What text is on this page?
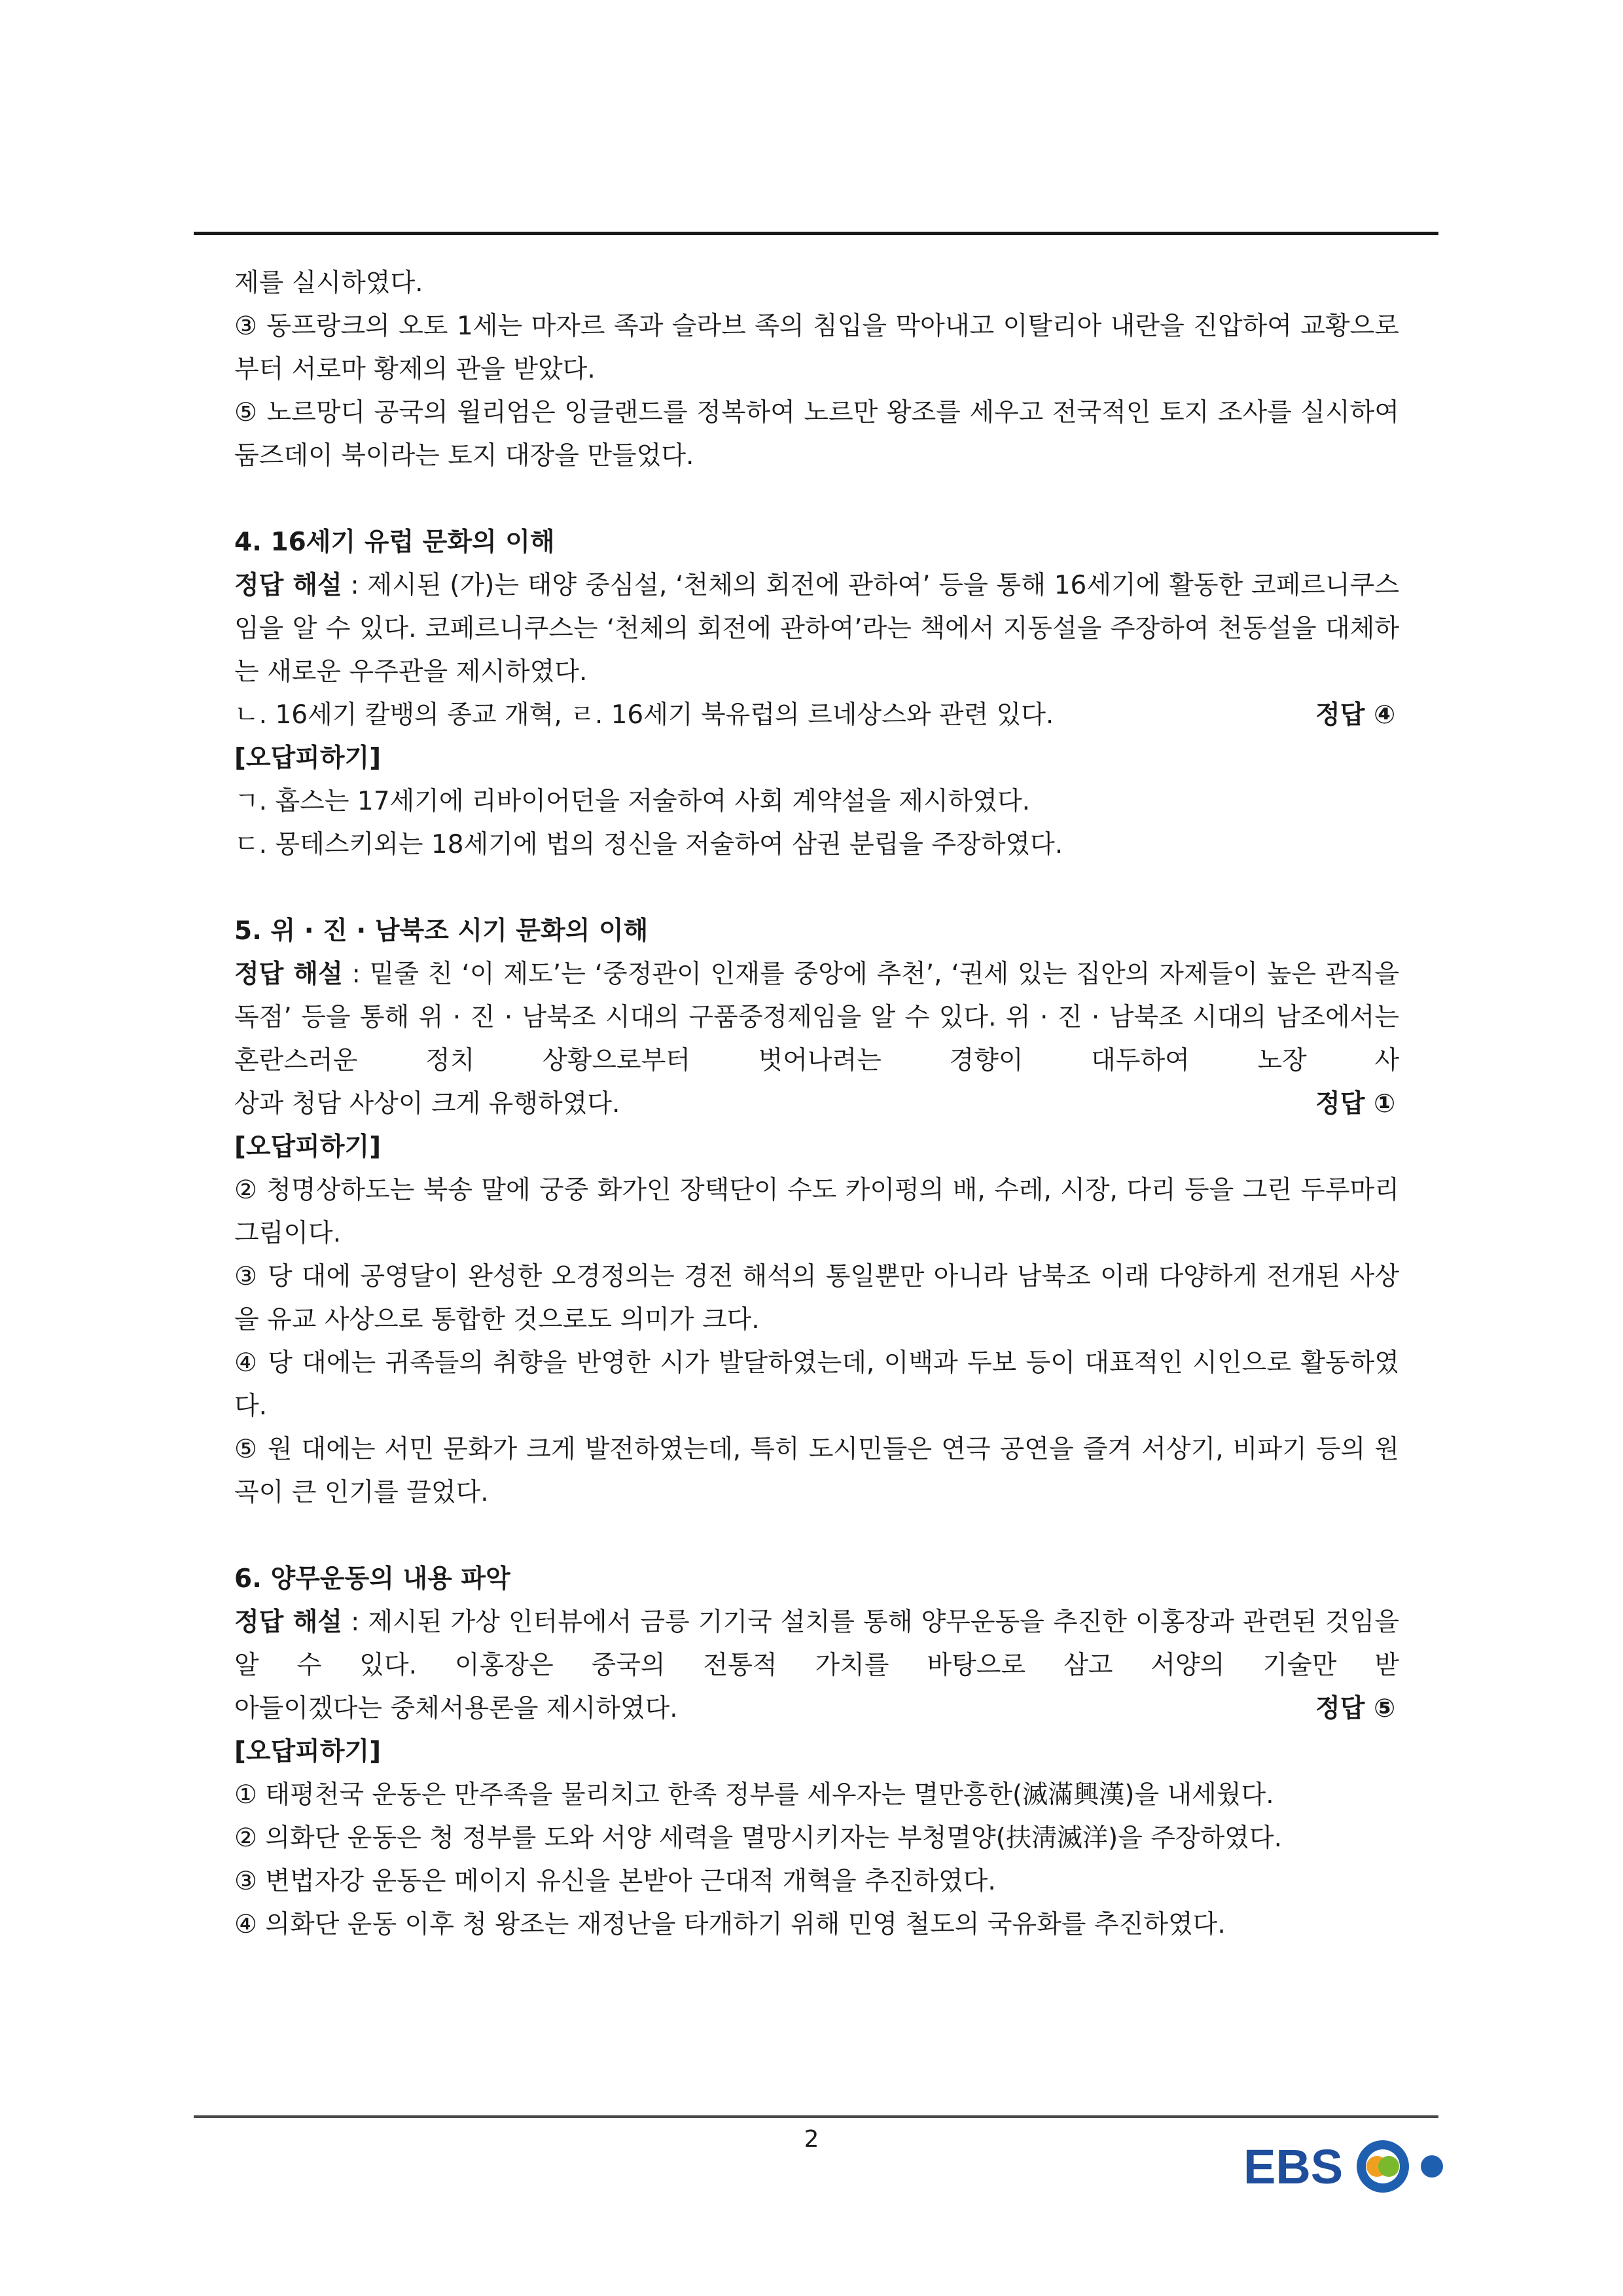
제를 실시하였다.

③ 동프랑크의 오토 1세는 마자르 족과 슬라브 족의 침입을 막아내고 이탈리아 내란을 진압하여 교황으로부터 서로마 황제의 관을 받았다.

⑤ 노르망디 공국의 윌리엄은 잉글랜드를 정복하여 노르만 왕조를 세우고 전국적인 토지 조사를 실시하여 둠즈데이 북이라는 토지 대장을 만들었다.

4. 16세기 유럽 문화의 이해

정답 해설 : 제시된 (가)는 태양 중심설, ‘천체의 회전에 관하여’ 등을 통해 16세기에 활동한 코페르니쿠스임을 알 수 있다. 코페르니쿠스는 ‘천체의 회전에 관하여’라는 책에서 지동설을 주장하여 천동설을 대체하는 새로운 우주관을 제시하였다.

ㄴ. 16세기 칼뱅의 종교 개혁, ㄹ. 16세기 북유럽의 르네상스와 관련 있다.	정답 ④

[오답피하기]

ㄱ. 홉스는 17세기에 리바이어던을 저술하여 사회 계약설을 제시하였다.

ㄷ. 몽테스키외는 18세기에 법의 정신을 저술하여 삼권 분립을 주장하였다.

5. 위 · 진 · 남북조 시기 문화의 이해

정답 해설 : 밑줄 친 ‘이 제도’는 ‘중정관이 인재를 중앙에 추천’, ‘권세 있는 집안의 자제들이 높은 관직을 독점’ 등을 통해 위 · 진 · 남북조 시대의 구품중정제임을 알 수 있다. 위 · 진 · 남북조 시대의 남조에서는 혼란스러운 정치 상황으로부터 벗어나려는 경향이 대두하여 노장 사

상과 청담 사상이 크게 유행하였다.	정답 ①

[오답피하기]

② 청명상하도는 북송 말에 궁중 화가인 장택단이 수도 카이펑의 배, 수레, 시장, 다리 등을 그린 두루마리 그림이다.

③ 당 대에 공영달이 완성한 오경정의는 경전 해석의 통일뿐만 아니라 남북조 이래 다양하게 전개된 사상을 유교 사상으로 통합한 것으로도 의미가 크다.

④ 당 대에는 귀족들의 취향을 반영한 시가 발달하였는데, 이백과 두보 등이 대표적인 시인으로 활동하였다.

⑤ 원 대에는 서민 문화가 크게 발전하였는데, 특히 도시민들은 연극 공연을 즐겨 서상기, 비파기 등의 원곡이 큰 인기를 끌었다.

6. 양무운동의 내용 파악

정답 해설 : 제시된 가상 인터뷰에서 금릉 기기국 설치를 통해 양무운동을 추진한 이홍장과 관련된 것임을 알 수 있다. 이홍장은 중국의 전통적 가치를 바탕으로 삼고 서양의 기술만 받

아들이겠다는 중체서용론을 제시하였다.	정답 ⑤

[오답피하기]

① 태평천국 운동은 만주족을 물리치고 한족 정부를 세우자는 멸만흥한(滅滿興漢)을 내세웠다.

② 의화단 운동은 청 정부를 도와 서양 세력을 멸망시키자는 부청멸양(扶淸滅洋)을 주장하였다.

③ 변법자강 운동은 메이지 유신을 본받아 근대적 개혁을 추진하였다.

④ 의화단 운동 이후 청 왕조는 재정난을 타개하기 위해 민영 철도의 국유화를 추진하였다.

2
EBS
